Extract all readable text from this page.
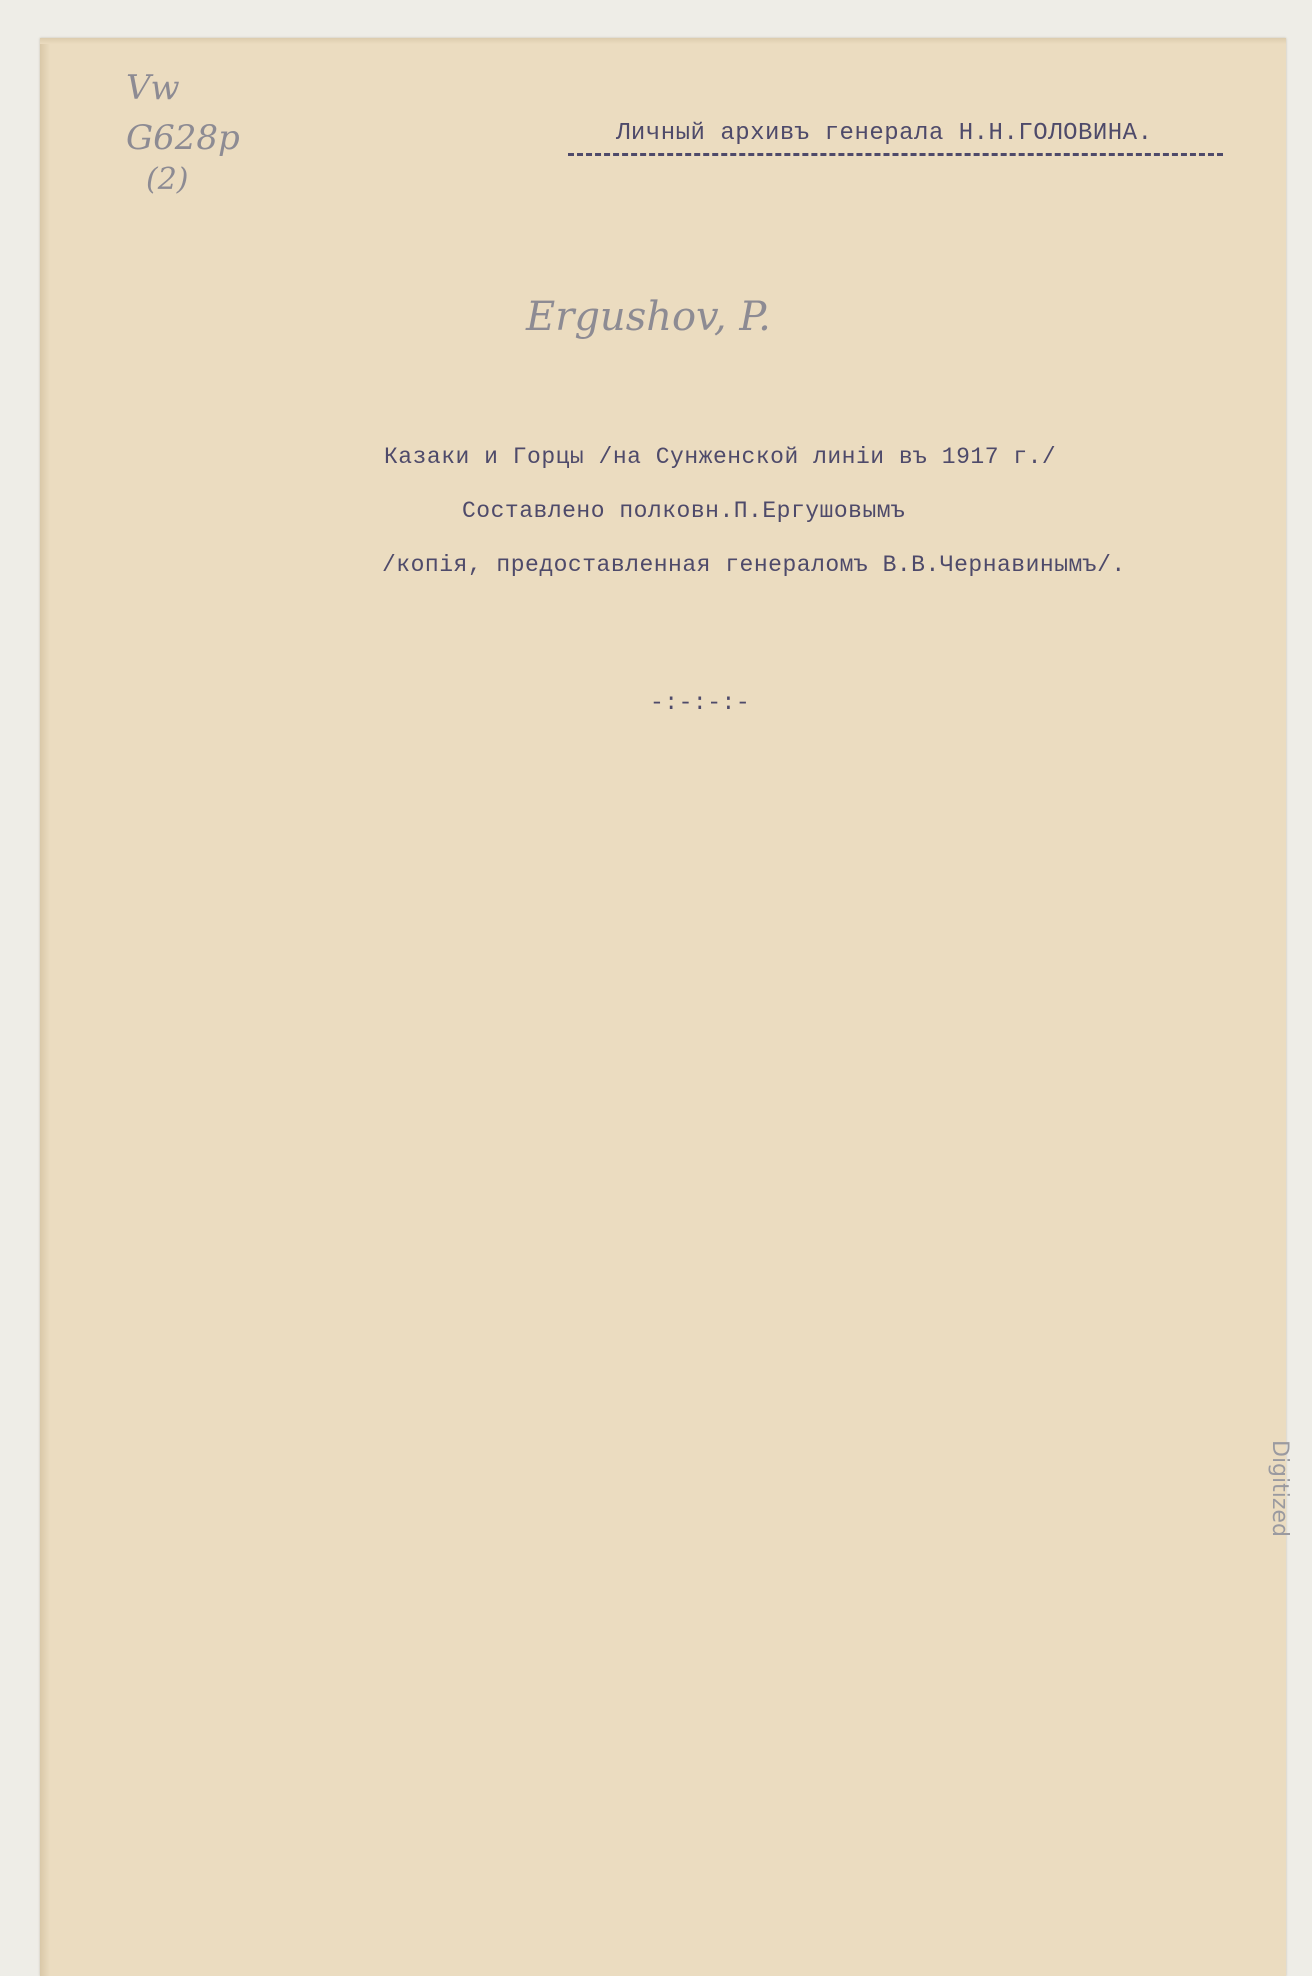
Vw
G628p
(2)
Личный архивъ генерала Н.Н.ГОЛОВИНА.
Ergushov, P.
Казаки и Горцы /на Сунженской линiи въ 1917 г./
Составлено полковн.П.Ергушовымъ
/копiя, предоставленная генераломъ В.В.Чернавинымъ/.
-:-:-:-
Digitized
